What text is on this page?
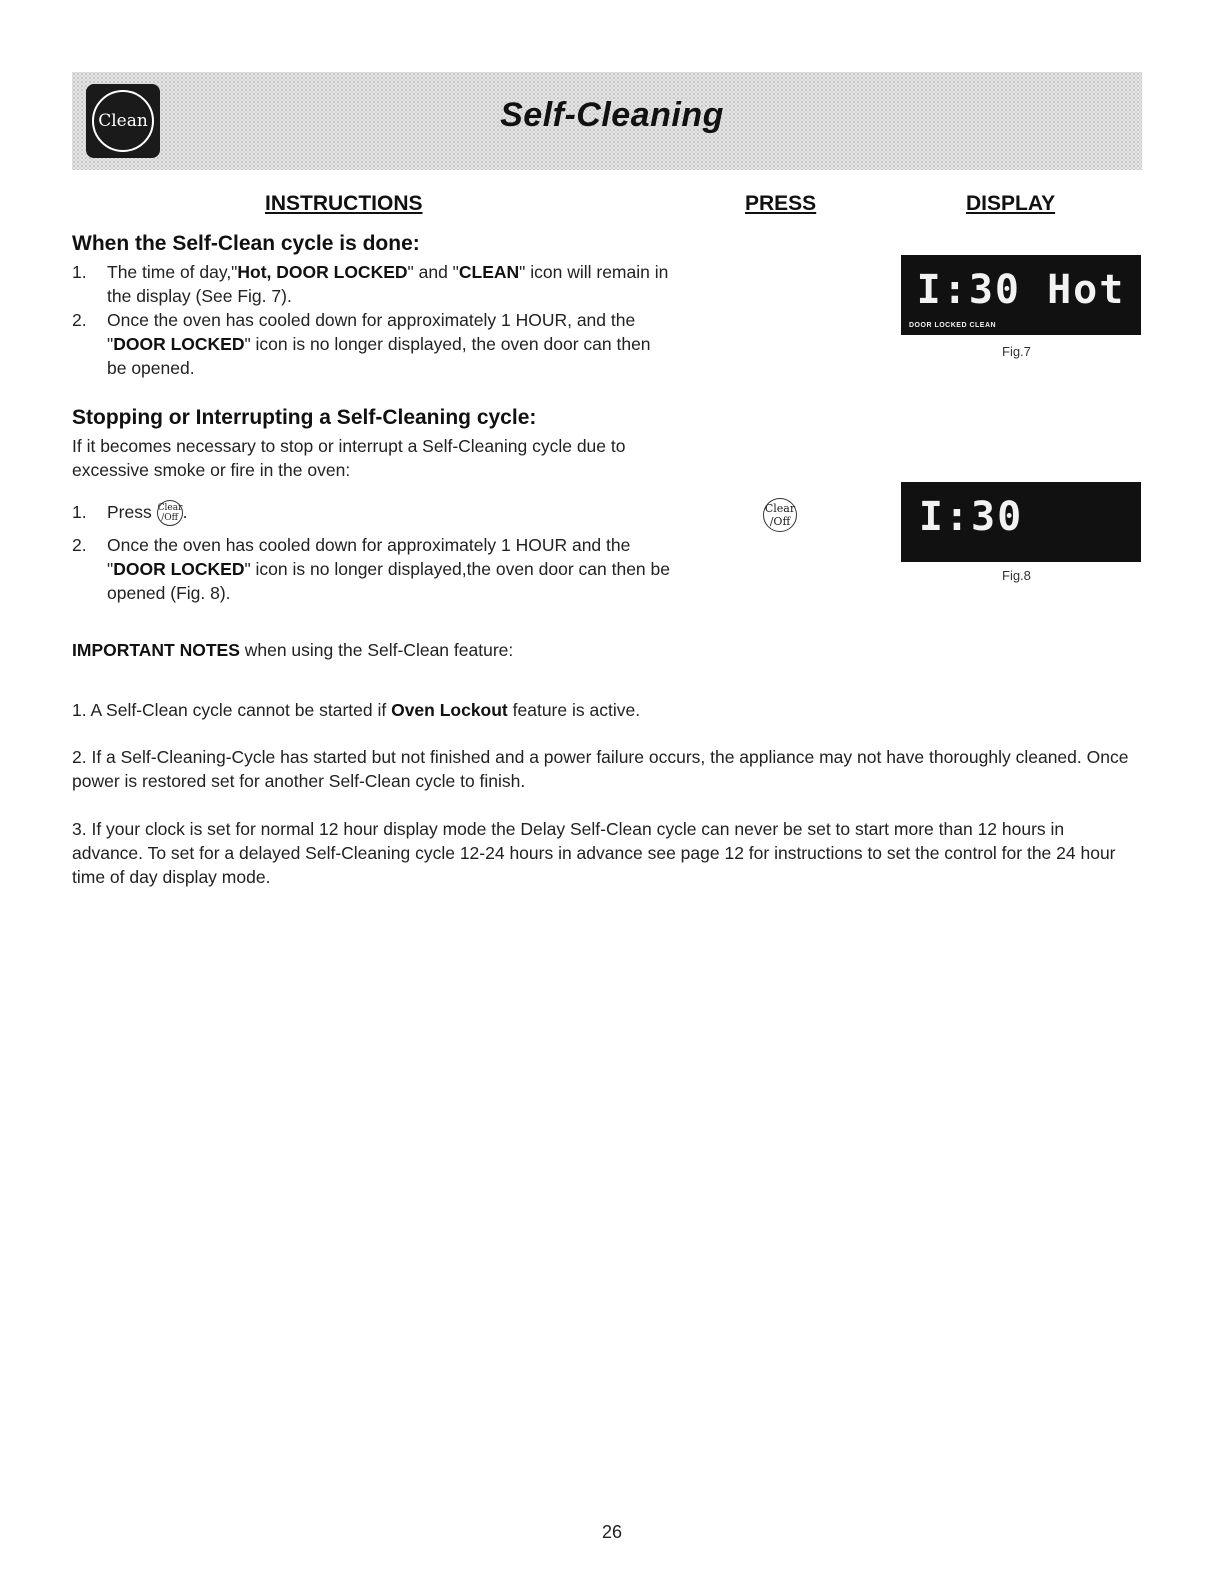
Clean	Self-Cleaning
INSTRUCTIONS	PRESS	DISPLAY
When the Self-Clean cycle is done:
1. The time of day,"Hot, DOOR LOCKED" and "CLEAN" icon will remain in the display (See Fig. 7).
2. Once the oven has cooled down for approximately 1 HOUR, and the "DOOR LOCKED" icon is no longer displayed, the oven door can then be opened.
I:30 Hot
DOOR LOCKED CLEAN
Fig.7
Stopping or Interrupting a Self-Cleaning cycle:
If it becomes necessary to stop or interrupt a Self-Cleaning cycle due to excessive smoke or fire in the oven:
1. Press Clear
/Off .
2. Once the oven has cooled down for approximately 1 HOUR and the "DOOR LOCKED" icon is no longer displayed,the oven door can then be opened (Fig. 8).
Clear
/Off	I:30
Fig.8
IMPORTANT NOTES when using the Self-Clean feature:
1. A Self-Clean cycle cannot be started if Oven Lockout feature is active.
2. If a Self-Cleaning-Cycle has started but not finished and a power failure occurs, the appliance may not have thoroughly cleaned. Once power is restored set for another Self-Clean cycle to finish.
3. If your clock is set for normal 12 hour display mode the Delay Self-Clean cycle can never be set to start more than 12 hours in advance. To set for a delayed Self-Cleaning cycle 12-24 hours in advance see page 12 for instructions to set the control for the 24 hour time of day display mode.
26
